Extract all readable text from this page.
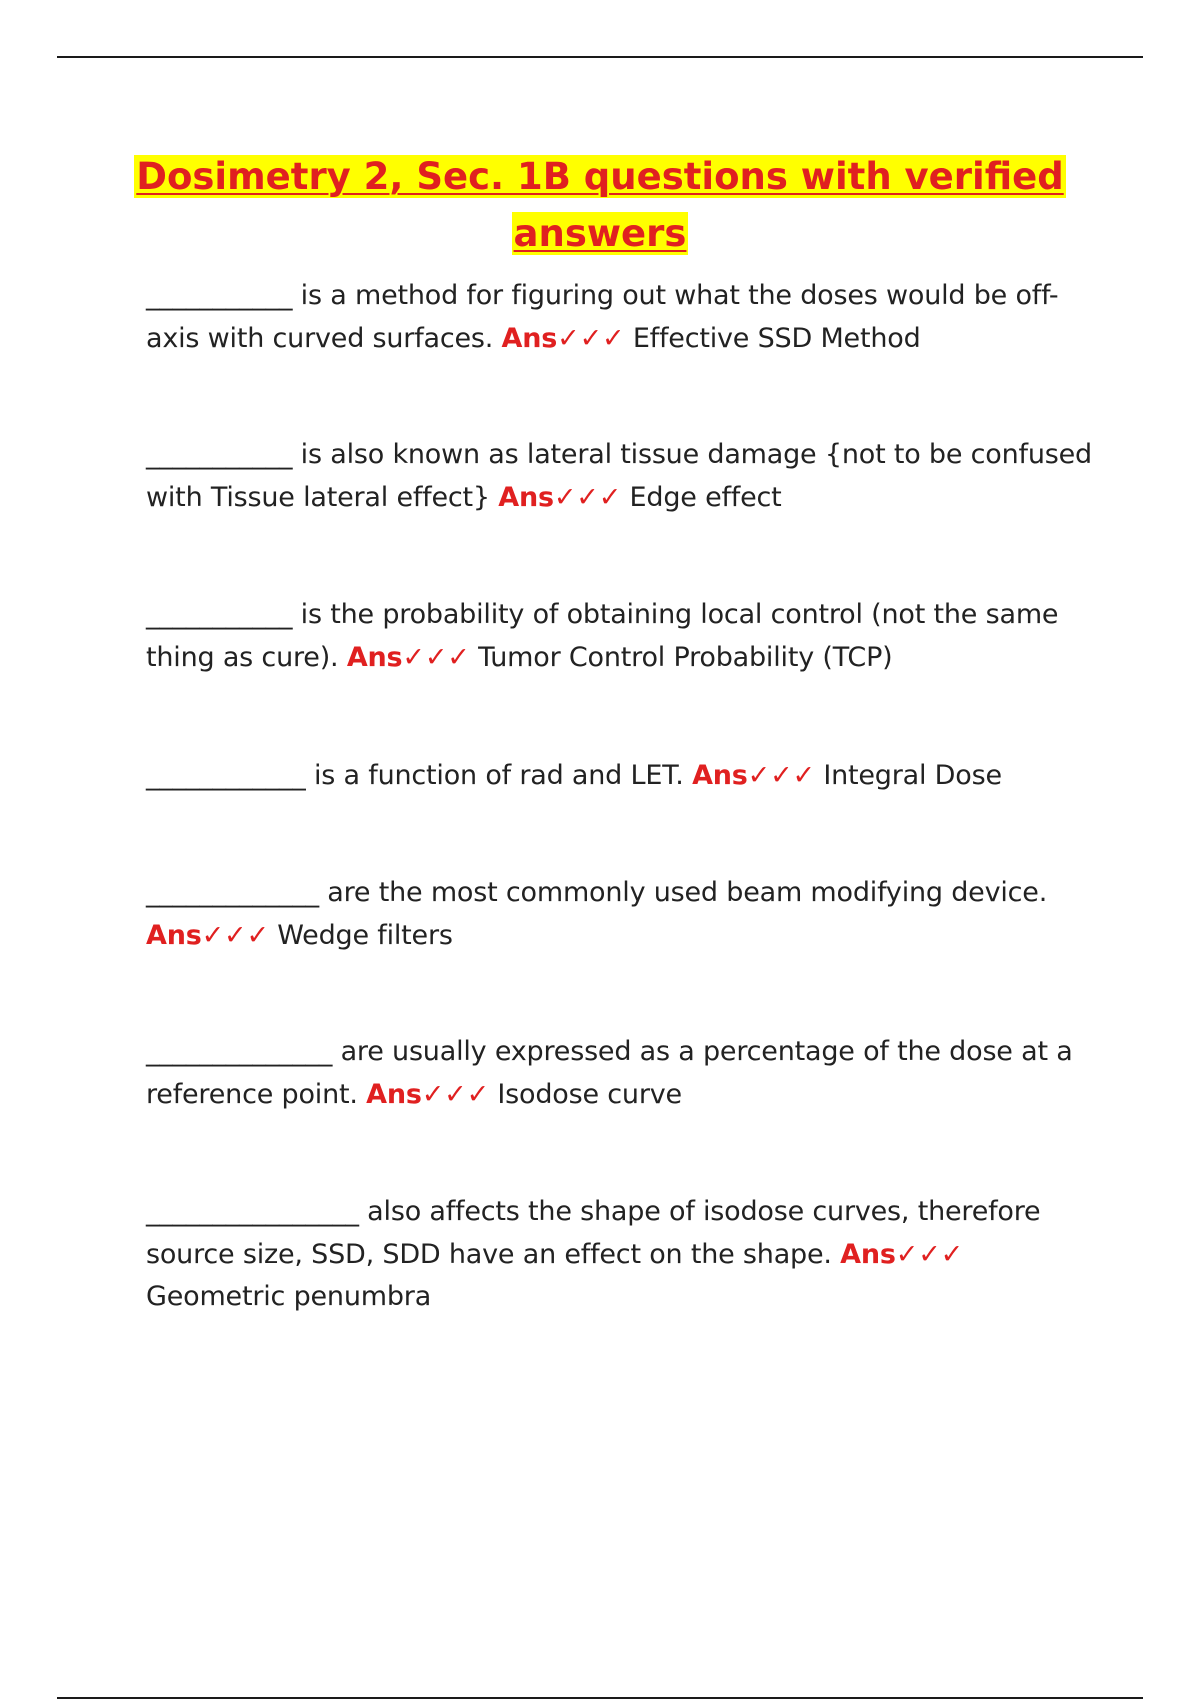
Dosimetry 2, Sec. 1B questions with verified answers
___________ is a method for figuring out what the doses would be off-axis with curved surfaces. Ans✓✓✓ Effective SSD Method
___________ is also known as lateral tissue damage {not to be confused with Tissue lateral effect} Ans✓✓✓ Edge effect
___________ is the probability of obtaining local control (not the same thing as cure). Ans✓✓✓ Tumor Control Probability (TCP)
____________ is a function of rad and LET. Ans✓✓✓ Integral Dose
_____________ are the most commonly used beam modifying device. Ans✓✓✓ Wedge filters
______________ are usually expressed as a percentage of the dose at a reference point. Ans✓✓✓ Isodose curve
________________ also affects the shape of isodose curves, therefore source size, SSD, SDD have an effect on the shape. Ans✓✓✓ Geometric penumbra
